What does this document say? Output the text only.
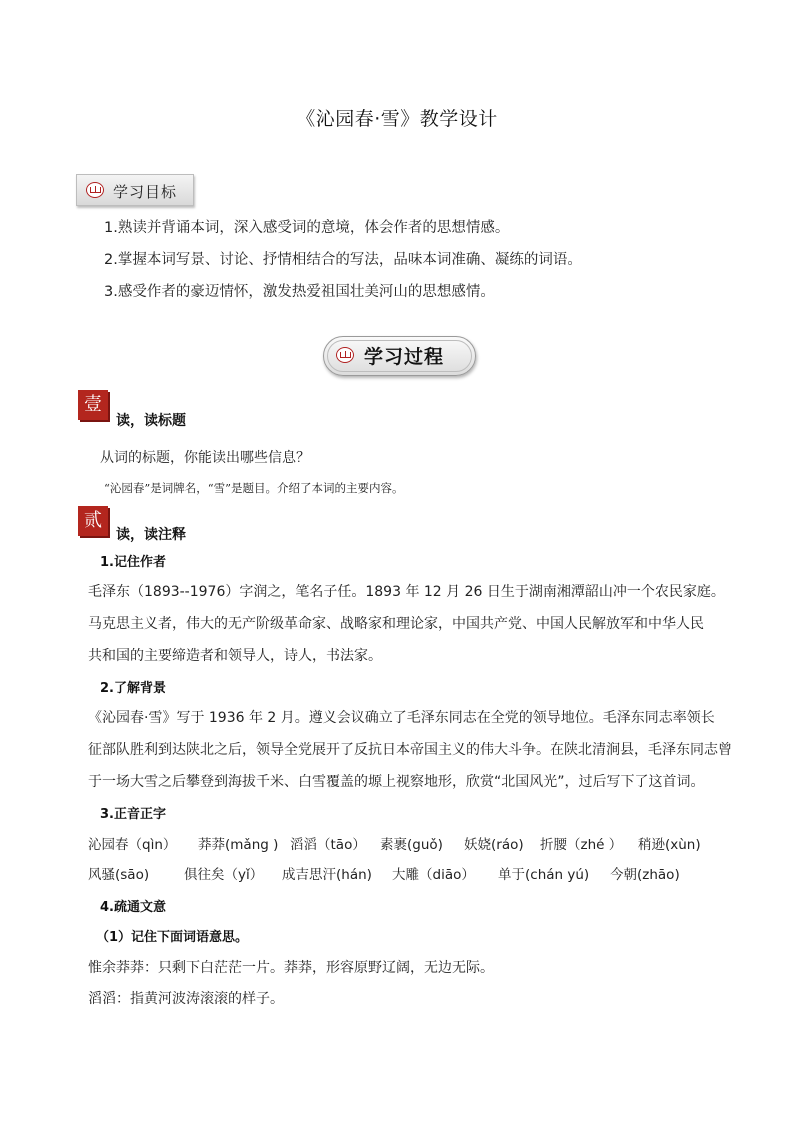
《沁园春·雪》教学设计
学习目标
1.熟读并背诵本词，深入感受词的意境，体会作者的思想情感。
2.掌握本词写景、讨论、抒情相结合的写法，品味本词准确、凝练的词语。
3.感受作者的豪迈情怀，激发热爱祖国壮美河山的思想感情。
学习过程
壹
读，读标题
从词的标题，你能读出哪些信息？
“沁园春”是词牌名，“雪”是题目。介绍了本词的主要内容。
贰
读，读注释
1.记住作者
毛泽东（1893--1976）字润之，笔名子任。1893 年 12 月 26 日生于湖南湘潭韶山冲一个农民家庭。
马克思主义者，伟大的无产阶级革命家、战略家和理论家，中国共产党、中国人民解放军和中华人民
共和国的主要缔造者和领导人，诗人，书法家。
2.了解背景
《沁园春·雪》写于 1936 年 2 月。遵义会议确立了毛泽东同志在全党的领导地位。毛泽东同志率领长
征部队胜利到达陕北之后，领导全党展开了反抗日本帝国主义的伟大斗争。在陕北清涧县，毛泽东同志曾
于一场大雪之后攀登到海拔千米、白雪覆盖的塬上视察地形，欣赏“北国风光”，过后写下了这首词。
3.正音正字
沁园春（qìn） 莽莽(mǎng ) 滔滔（tāo） 素裹(guǒ) 妖娆(ráo) 折腰（zhé ） 稍逊(xùn)
风骚(sāo)	俱往矣（yǐ） 成吉思汗(hán) 大雕（diāo） 单于(chán yú) 今朝(zhāo)
4.疏通文意
（1）记住下面词语意思。
惟余莽莽：只剩下白茫茫一片。莽莽，形容原野辽阔，无边无际。
滔滔：指黄河波涛滚滚的样子。
